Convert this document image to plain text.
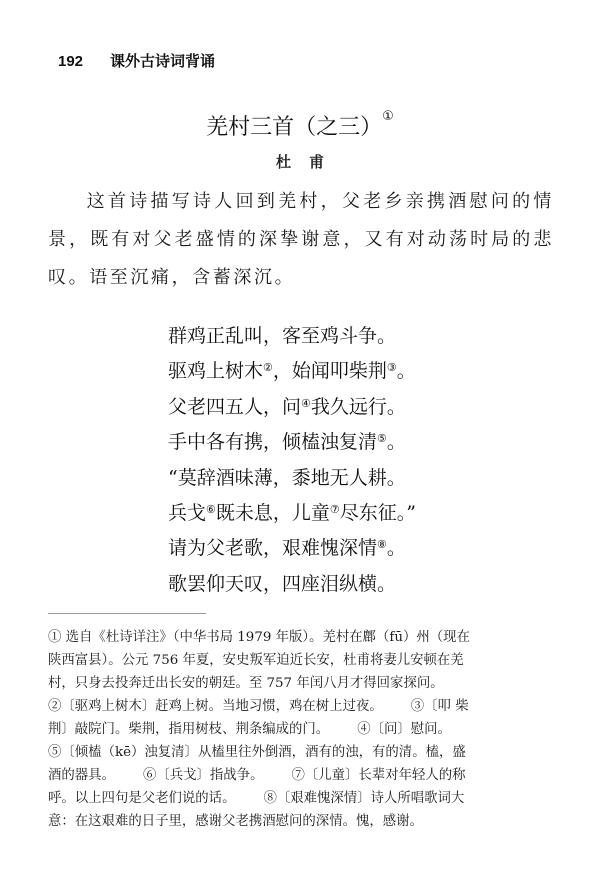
192 课外古诗词背诵
羌村三首（之三）①
杜 甫
这首诗描写诗人回到羌村，父老乡亲携酒慰问的情景，既有对父老盛情的深挚谢意，又有对动荡时局的悲叹。语至沉痛，含蓄深沉。
群鸡正乱叫，客至鸡斗争。
驱鸡上树木②，始闻叩柴荆③。
父老四五人，问④我久远行。
手中各有携，倾榼浊复清⑤。
“莫辞酒味薄，黍地无人耕。
兵戈⑥既未息，儿童⑦尽东征。”
请为父老歌，艰难愧深情⑧。
歌罢仰天叹，四座泪纵横。
① 选自《杜诗详注》（中华书局 1979 年版）。羌村在鄜（fū）州（现在
陕西富县）。公元 756 年夏，安史叛军迫近长安，杜甫将妻儿安顿在羌
村，只身去投奔迁出长安的朝廷。至 757 年闰八月才得回家探问。
②〔驱鸡上树木〕赶鸡上树。当地习惯，鸡在树上过夜。 ③〔叩 柴
荆〕敲院门。柴荆，指用树枝、荆条编成的门。 ④〔问〕慰问。
⑤〔倾榼（kē）浊复清〕从榼里往外倒酒，酒有的浊，有的清。榼，盛
酒的器具。 ⑥〔兵戈〕指战争。 ⑦〔儿童〕长辈对年轻人的称
呼。以上四句是父老们说的话。 ⑧〔艰难愧深情〕诗人所唱歌词大
意：在这艰难的日子里，感谢父老携酒慰问的深情。愧，感谢。
